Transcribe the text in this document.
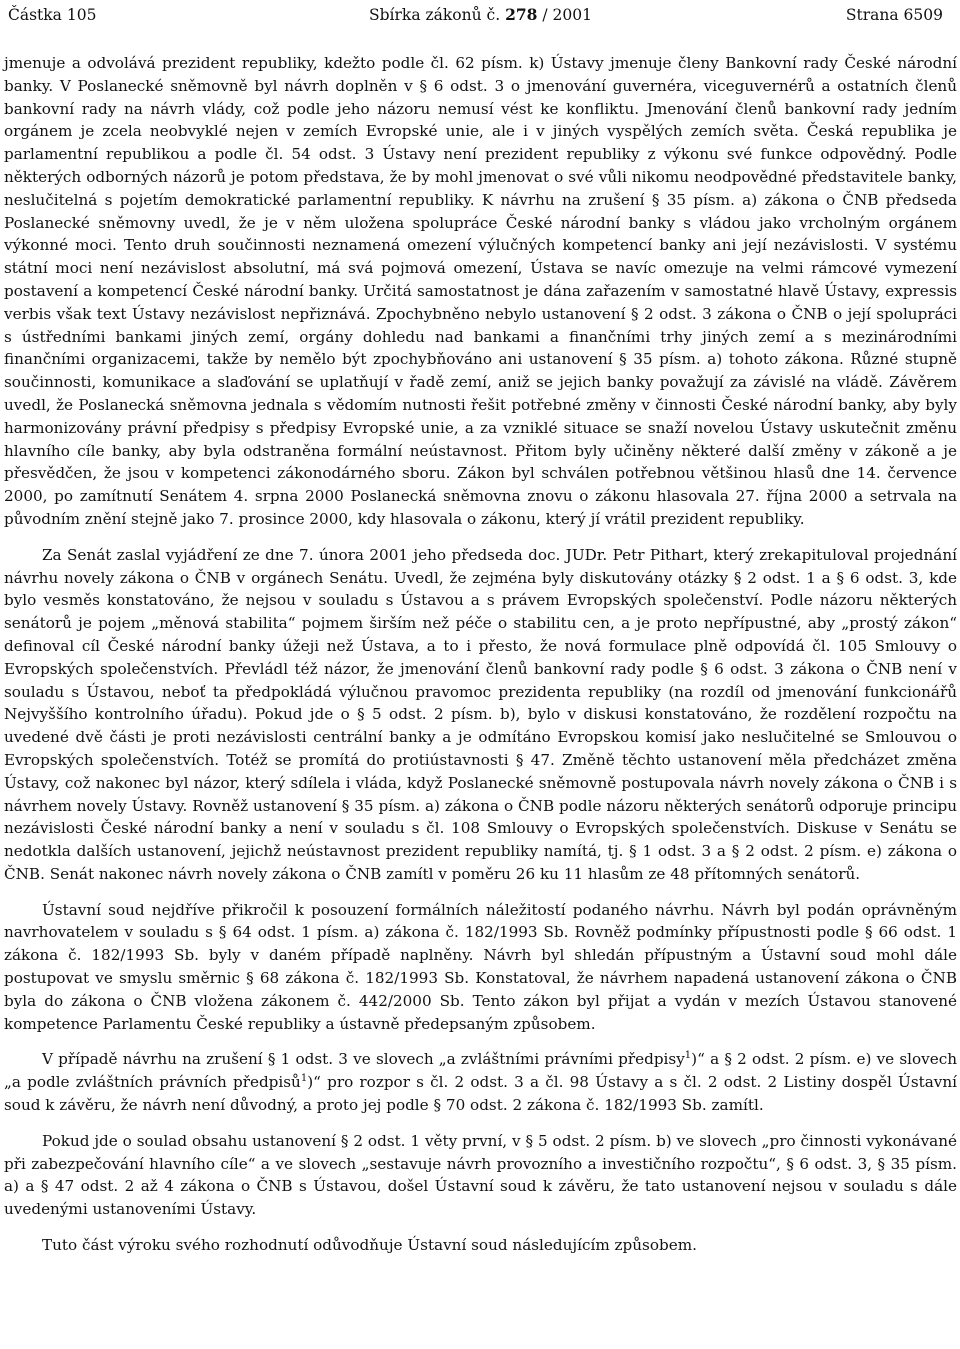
Částka 105	Sbírka zákonů č. 278 / 2001	Strana 6509

jmenuje a odvolává prezident republiky, kdežto podle čl. 62 písm. k) Ústavy jmenuje členy Bankovní rady České národní banky. V Poslanecké sněmovně byl návrh doplněn v § 6 odst. 3 o jmenování guvernéra, viceguvernérů a ostatních členů bankovní rady na návrh vlády, což podle jeho názoru nemusí vést ke konfliktu. Jmenování členů bankovní rady jedním orgánem je zcela neobvyklé nejen v zemích Evropské unie, ale i v jiných vyspělých zemích světa. Česká republika je parlamentní republikou a podle čl. 54 odst. 3 Ústavy není prezident republiky z výkonu své funkce odpovědný. Podle některých odborných názorů je potom představa, že by mohl jmenovat o své vůli nikomu neodpovědné představitele banky, neslučitelná s pojetím demokratické parlamentní republiky. K návrhu na zrušení § 35 písm. a) zákona o ČNB předseda Poslanecké sněmovny uvedl, že je v něm uložena spolupráce České národní banky s vládou jako vrcholným orgánem výkonné moci. Tento druh součinnosti neznamená omezení výlučných kompetencí banky ani její nezávislosti. V systému státní moci není nezávislost absolutní, má svá pojmová omezení, Ústava se navíc omezuje na velmi rámcové vymezení postavení a kompetencí České národní banky. Určitá samostatnost je dána zařazením v samostatné hlavě Ústavy, expressis verbis však text Ústavy nezávislost nepřiznává. Zpochybněno nebylo ustanovení § 2 odst. 3 zákona o ČNB o její spolupráci s ústředními bankami jiných zemí, orgány dohledu nad bankami a finančními trhy jiných zemí a s mezinárodními finančními organizacemi, takže by nemělo být zpochybňováno ani ustanovení § 35 písm. a) tohoto zákona. Různé stupně součinnosti, komunikace a slaďování se uplatňují v řadě zemí, aniž se jejich banky považují za závislé na vládě. Závěrem uvedl, že Poslanecká sněmovna jednala s vědomím nutnosti řešit potřebné změny v činnosti České národní banky, aby byly harmonizovány právní předpisy s předpisy Evropské unie, a za vzniklé situace se snaží novelou Ústavy uskutečnit změnu hlavního cíle banky, aby byla odstraněna formální neústavnost. Přitom byly učiněny některé další změny v zákoně a je přesvědčen, že jsou v kompetenci zákonodárného sboru. Zákon byl schválen potřebnou většinou hlasů dne 14. července 2000, po zamítnutí Senátem 4. srpna 2000 Poslanecká sněmovna znovu o zákonu hlasovala 27. října 2000 a setrvala na původním znění stejně jako 7. prosince 2000, kdy hlasovala o zákonu, který jí vrátil prezident republiky.

Za Senát zaslal vyjádření ze dne 7. února 2001 jeho předseda doc. JUDr. Petr Pithart, který zrekapituloval projednání návrhu novely zákona o ČNB v orgánech Senátu. Uvedl, že zejména byly diskutovány otázky § 2 odst. 1 a § 6 odst. 3, kde bylo vesměs konstatováno, že nejsou v souladu s Ústavou a s právem Evropských společenství. Podle názoru některých senátorů je pojem „měnová stabilita“ pojmem širším než péče o stabilitu cen, a je proto nepřípustné, aby „prostý zákon“ definoval cíl České národní banky úžeji než Ústava, a to i přesto, že nová formulace plně odpovídá čl. 105 Smlouvy o Evropských společenstvích. Převládl též názor, že jmenování členů bankovní rady podle § 6 odst. 3 zákona o ČNB není v souladu s Ústavou, neboť ta předpokládá výlučnou pravomoc prezidenta republiky (na rozdíl od jmenování funkcionářů Nejvyššího kontrolního úřadu). Pokud jde o § 5 odst. 2 písm. b), bylo v diskusi konstatováno, že rozdělení rozpočtu na uvedené dvě části je proti nezávislosti centrální banky a je odmítáno Evropskou komisí jako neslučitelné se Smlouvou o Evropských společenstvích. Totéž se promítá do protiústavnosti § 47. Změně těchto ustanovení měla předcházet změna Ústavy, což nakonec byl názor, který sdílela i vláda, když Poslanecké sněmovně postupovala návrh novely zákona o ČNB i s návrhem novely Ústavy. Rovněž ustanovení § 35 písm. a) zákona o ČNB podle názoru některých senátorů odporuje principu nezávislosti České národní banky a není v souladu s čl. 108 Smlouvy o Evropských společenstvích. Diskuse v Senátu se nedotkla dalších ustanovení, jejichž neústavnost prezident republiky namítá, tj. § 1 odst. 3 a § 2 odst. 2 písm. e) zákona o ČNB. Senát nakonec návrh novely zákona o ČNB zamítl v poměru 26 ku 11 hlasům ze 48 přítomných senátorů.

Ústavní soud nejdříve přikročil k posouzení formálních náležitostí podaného návrhu. Návrh byl podán oprávněným navrhovatelem v souladu s § 64 odst. 1 písm. a) zákona č. 182/1993 Sb. Rovněž podmínky přípustnosti podle § 66 odst. 1 zákona č. 182/1993 Sb. byly v daném případě naplněny. Návrh byl shledán přípustným a Ústavní soud mohl dále postupovat ve smyslu směrnic § 68 zákona č. 182/1993 Sb. Konstatoval, že návrhem napadená ustanovení zákona o ČNB byla do zákona o ČNB vložena zákonem č. 442/2000 Sb. Tento zákon byl přijat a vydán v mezích Ústavou stanovené kompetence Parlamentu České republiky a ústavně předepsaným způsobem.

V případě návrhu na zrušení § 1 odst. 3 ve slovech „a zvláštními právními předpisy$^1$)“ a § 2 odst. 2 písm. e) ve slovech „a podle zvláštních právních předpisů$^1$)“ pro rozpor s čl. 2 odst. 3 a čl. 98 Ústavy a s čl. 2 odst. 2 Listiny dospěl Ústavní soud k závěru, že návrh není důvodný, a proto jej podle § 70 odst. 2 zákona č. 182/1993 Sb. zamítl.

Pokud jde o soulad obsahu ustanovení § 2 odst. 1 věty první, v § 5 odst. 2 písm. b) ve slovech „pro činnosti vykonávané při zabezpečování hlavního cíle“ a ve slovech „sestavuje návrh provozního a investičního rozpočtu“, § 6 odst. 3, § 35 písm. a) a § 47 odst. 2 až 4 zákona o ČNB s Ústavou, došel Ústavní soud k závěru, že tato ustanovení nejsou v souladu s dále uvedenými ustanoveními Ústavy.

Tuto část výroku svého rozhodnutí odůvodňuje Ústavní soud následujícím způsobem.
